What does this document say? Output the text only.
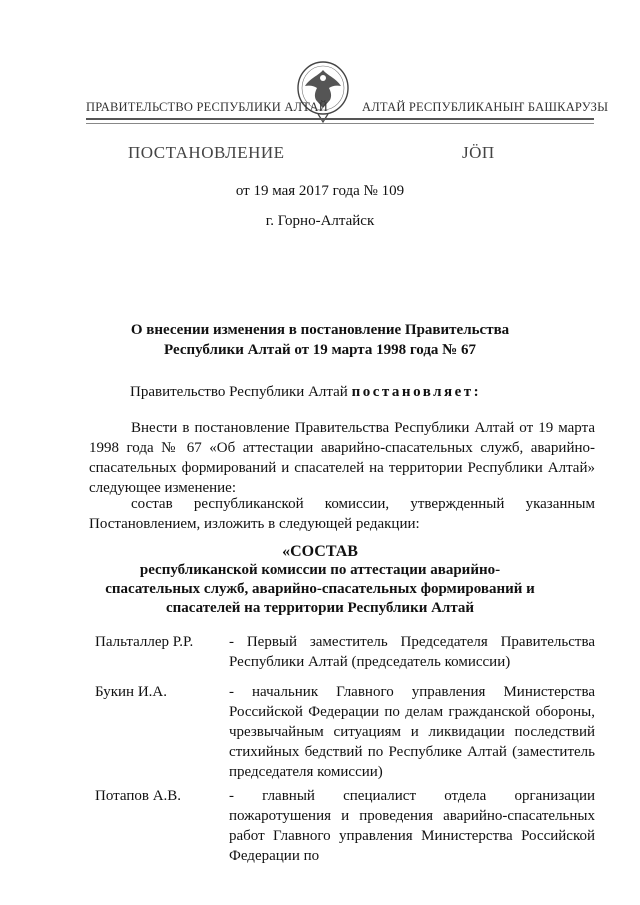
ПРАВИТЕЛЬСТВО РЕСПУБЛИКИ АЛТАЙ	АЛТАЙ РЕСПУБЛИКАНЫҤ БАШКАРУЗЫ
ПОСТАНОВЛЕНИЕ	ЈÖП
от 19 мая 2017 года № 109
г. Горно-Алтайск
О внесении изменения в постановление Правительства
Республики Алтай от 19 марта 1998 года № 67
Правительство Республики Алтай постановляет:
Внести в постановление Правительства Республики Алтай от 19 марта 1998 года № 67 «Об аттестации аварийно-спасательных служб, аварийно-спасательных формирований и спасателей на территории Республики Алтай» следующее изменение:
состав республиканской комиссии, утвержденный указанным Постановлением, изложить в следующей редакции:
«СОСТАВ
республиканской комиссии по аттестации аварийно-спасательных служб, аварийно-спасательных формирований и спасателей на территории Республики Алтай
Пальталлер Р.Р. - Первый заместитель Председателя Правительства Республики Алтай (председатель комиссии)
Букин И.А.	- начальник Главного управления Министерства Российской Федерации по делам гражданской обороны, чрезвычайным ситуациям и ликвидации последствий стихийных бедствий по Республике Алтай (заместитель председателя комиссии)
Потапов А.В.	- главный специалист отдела организации пожаротушения и проведения аварийно-спасательных работ Главного управления Министерства Российской Федерации по
